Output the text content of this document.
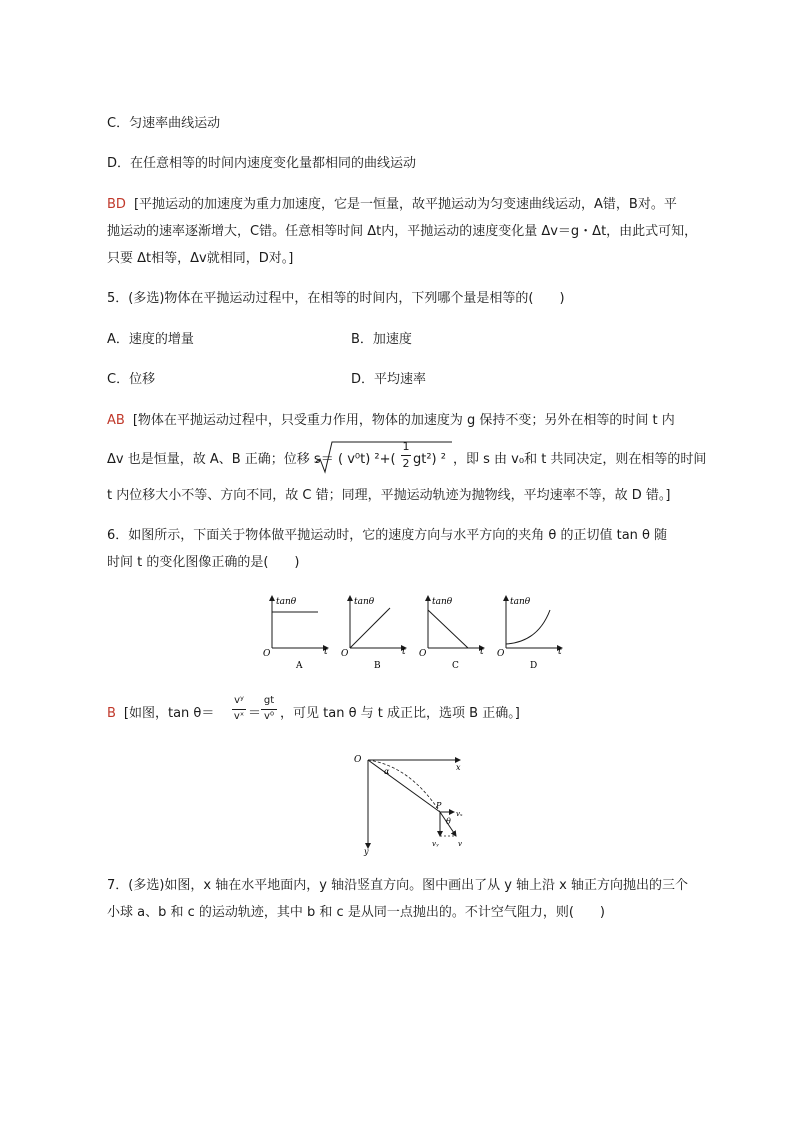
C．匀速率曲线运动
D．在任意相等的时间内速度变化量都相同的曲线运动
BD [平抛运动的加速度为重力加速度，它是一恒量，故平抛运动为匀变速曲线运动，A错，B对。平
抛运动的速率逐渐增大，C错。任意相等时间 Δt内，平抛运动的速度变化量 Δv＝g・Δt，由此式可知，
只要 Δt相等，Δv就相同，D对。]
5．(多选)物体在平抛运动过程中，在相等的时间内，下列哪个量是相等的(　　)
A．速度的增量	B．加速度
C．位移	D．平均速率
AB [物体在平抛运动过程中，只受重力作用，物体的加速度为 g 保持不变；另外在相等的时间 t 内
Δv 也是恒量，故 A、B 正确；位移 s＝ ( v⁰t) ²+(
1
2 gt²) ² ，即 s 由 v₀和 t 共同决定，则在相等的时间
t 内位移大小不等、方向不同，故 C 错；同理，平抛运动轨迹为抛物线，平均速率不等，故 D 错。]
6．如图所示，下面关于物体做平抛运动时，它的速度方向与水平方向的夹角 θ 的正切值 tan θ 随
时间 t 的变化图像正确的是(　　)
tanθ
t
O
A
tanθ
t
O
B
tanθ
t
O
C
tanθ
t
O
D
B [如图，tan θ＝
vʸ
vˣ ＝
gt
v⁰ ，可见 tan θ 与 t 成正比，选项 B 正确。]
O
x
y
α
P
vₓ
vᵧ	v
θ
7．(多选)如图，x 轴在水平地面内，y 轴沿竖直方向。图中画出了从 y 轴上沿 x 轴正方向抛出的三个
小球 a、b 和 c 的运动轨迹，其中 b 和 c 是从同一点抛出的。不计空气阻力，则(　　)
